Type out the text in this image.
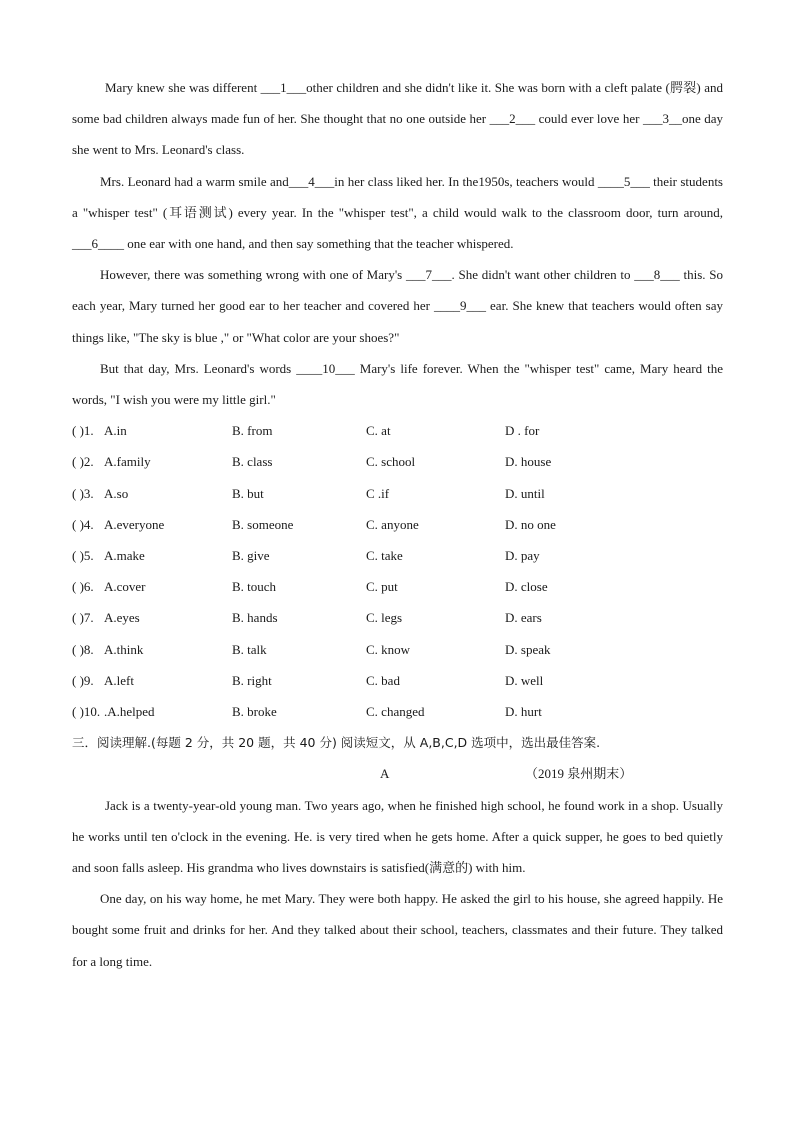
Mary knew she was different ___1___other children and she didn't like it. She was born with a cleft palate (腭裂) and some bad children always made fun of her. She thought that no one outside her ___2___ could ever love her ___3__one day she went to Mrs. Leonard's class.

Mrs. Leonard had a warm smile and___4___in her class liked her. In the1950s, teachers would ____5___ their students a "whisper test" (耳语测试) every year. In the "whisper test", a child would walk to the classroom door, turn around, ___6____ one ear with one hand, and then say something that the teacher whispered.

However, there was something wrong with one of Mary's ___7___. She didn't want other children to ___8___ this. So each year, Mary turned her good ear to her teacher and covered her ____9___ ear. She knew that teachers would often say things like, "The sky is blue ," or "What color are your shoes?"

But that day, Mrs. Leonard's words ____10___ Mary's life forever. When the "whisper test" came, Mary heard the words, "I wish you were my little girl."

( )1. A.in	B. from	C. at	D . for
( )2. A.family	B. class	C. school	D. house
( )3. A.so	B. but	C .if	D. until
( )4. A.everyone	B. someone	C. anyone	D. no one
( )5. A.make	B. give	C. take	D. pay
( )6. A.cover	B. touch	C. put	D. close
( )7. A.eyes	B. hands	C. legs	D. ears
( )8. A.think	B. talk	C. know	D. speak
( )9. A.left	B. right	C. bad	D. well
( )10. .A.helped	B. broke	C. changed	D. hurt

三．阅读理解.(每题 2 分，共 20 题，共 40 分) 阅读短文，从 A,B,C,D 选项中，选出最佳答案.

A	（2019 泉州期末）

Jack is a twenty-year-old young man. Two years ago, when he finished high school, he found work in a shop. Usually he works until ten o'clock in the evening. He. is very tired when he gets home. After a quick supper, he goes to bed quietly and soon falls asleep. His grandma who lives downstairs is satisfied(满意的) with him.

One day, on his way home, he met Mary. They were both happy. He asked the girl to his house, she agreed happily. He bought some fruit and drinks for her. And they talked about their school, teachers, classmates and their future. They talked for a long time.
